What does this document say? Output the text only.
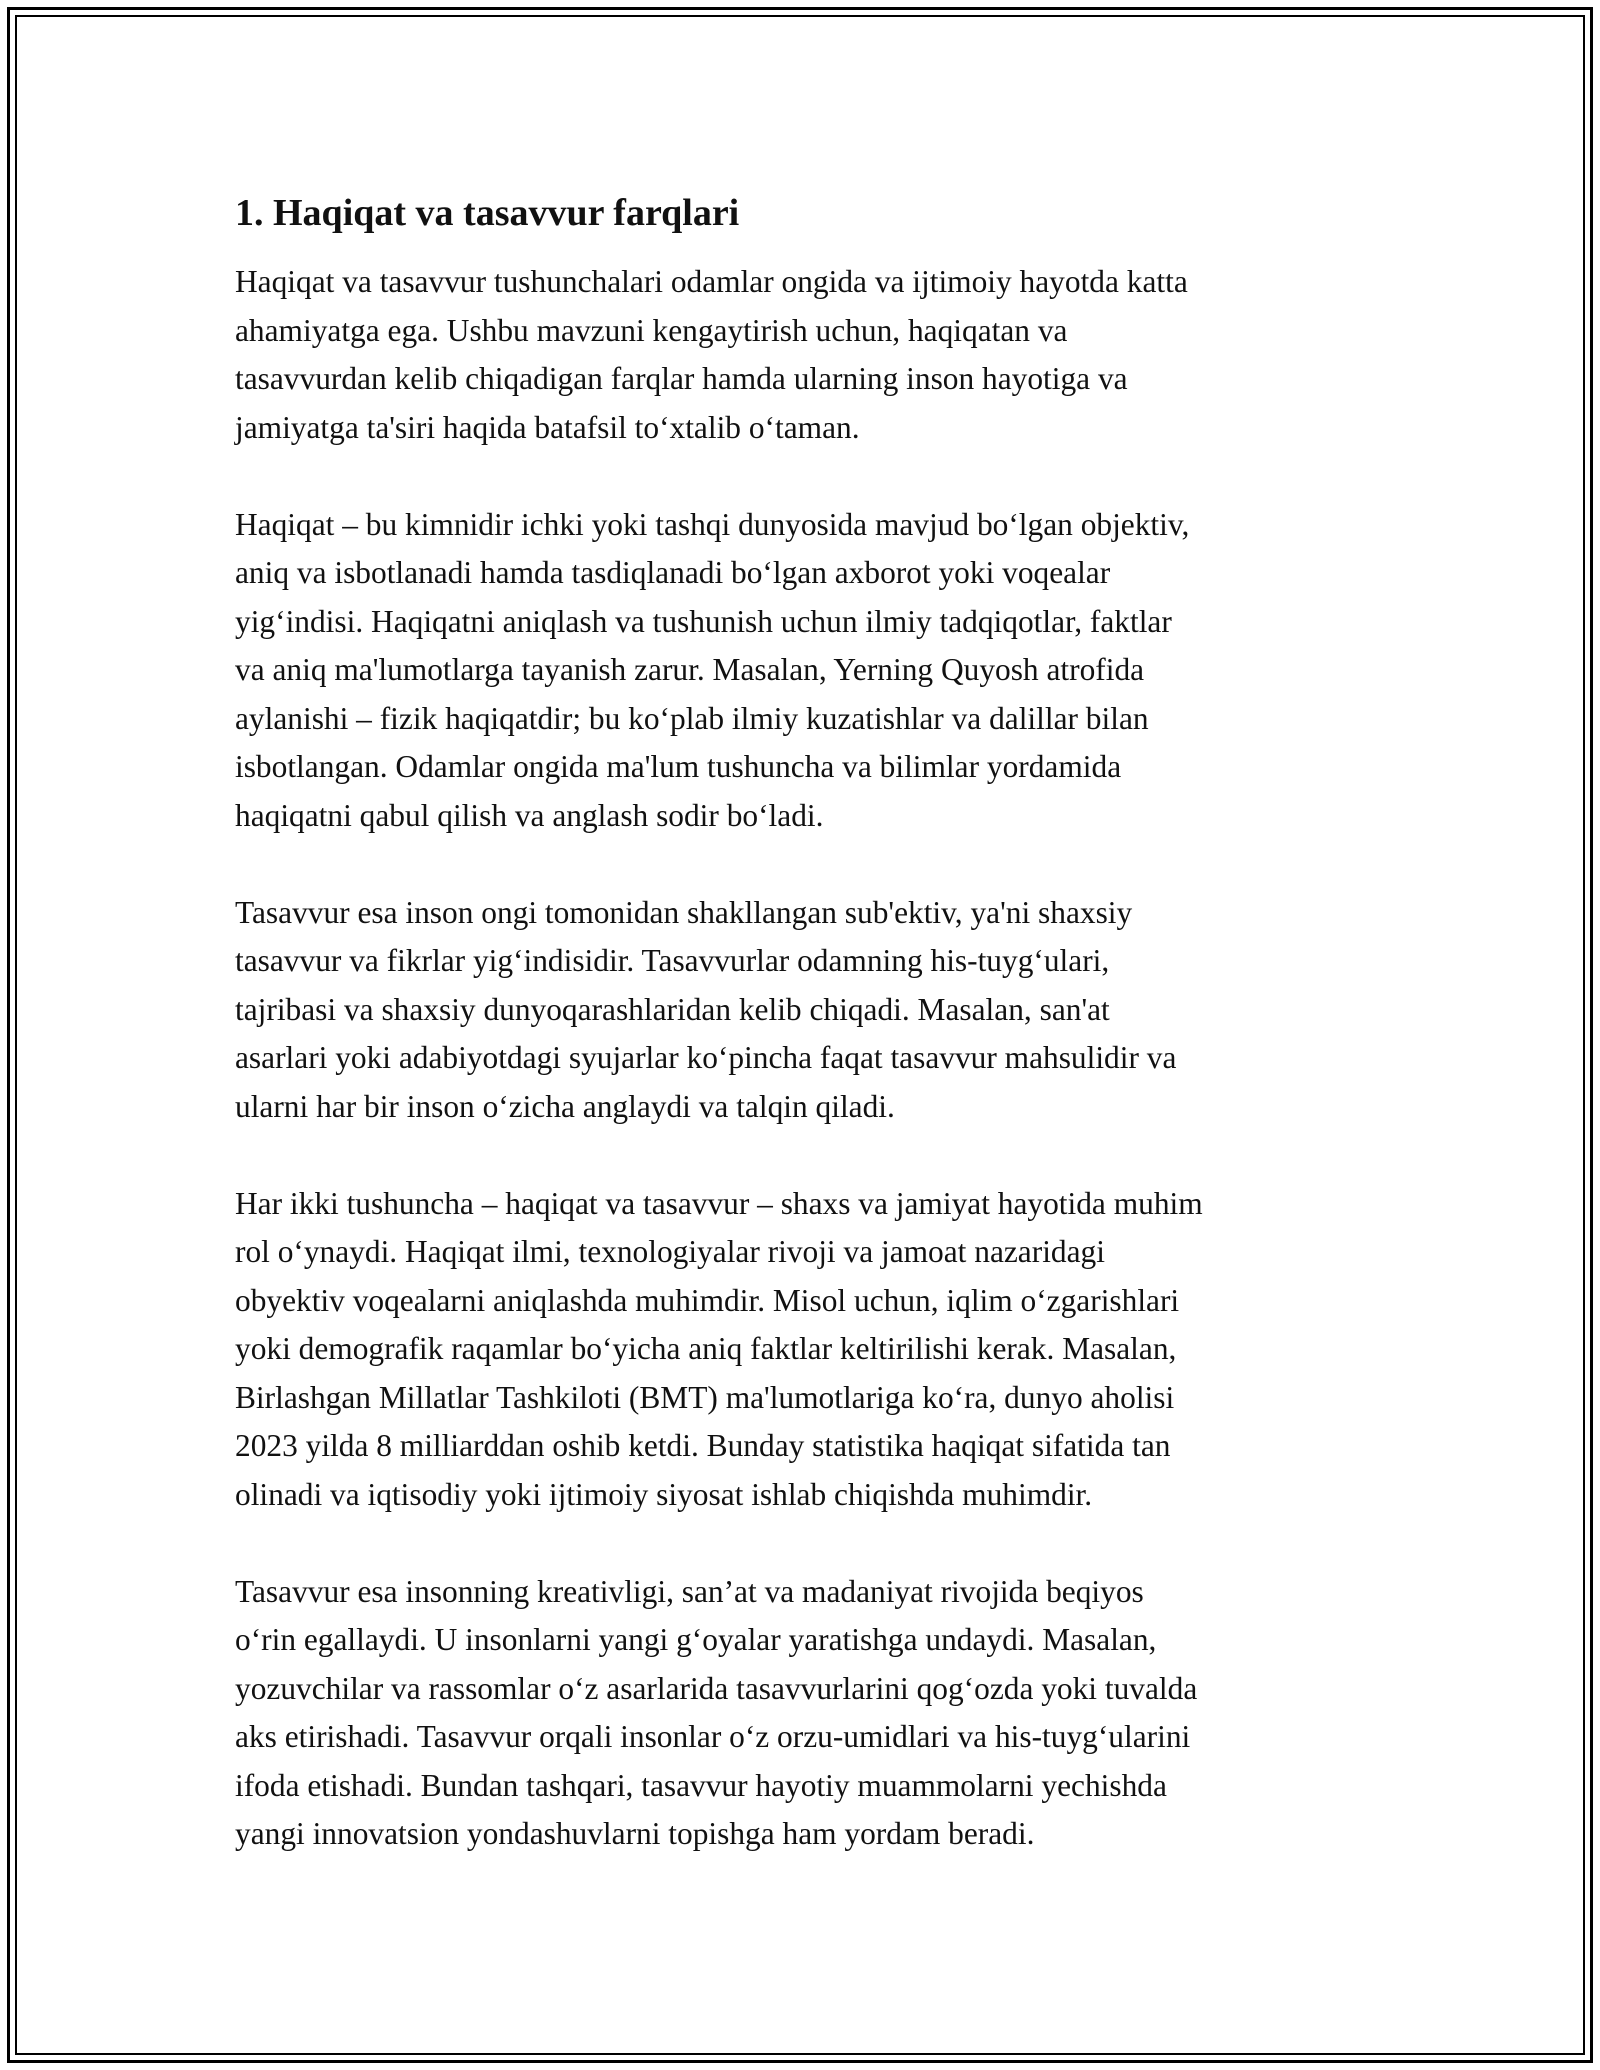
1. Haqiqat va tasavvur farqlari

Haqiqat va tasavvur tushunchalari odamlar ongida va ijtimoiy hayotda katta
ahamiyatga ega. Ushbu mavzuni kengaytirish uchun, haqiqatan va
tasavvurdan kelib chiqadigan farqlar hamda ularning inson hayotiga va
jamiyatga ta'siri haqida batafsil to‘xtalib o‘taman.

Haqiqat – bu kimnidir ichki yoki tashqi dunyosida mavjud bo‘lgan objektiv,
aniq va isbotlanadi hamda tasdiqlanadi bo‘lgan axborot yoki voqealar
yig‘indisi. Haqiqatni aniqlash va tushunish uchun ilmiy tadqiqotlar, faktlar
va aniq ma'lumotlarga tayanish zarur. Masalan, Yerning Quyosh atrofida
aylanishi – fizik haqiqatdir; bu ko‘plab ilmiy kuzatishlar va dalillar bilan
isbotlangan. Odamlar ongida ma'lum tushuncha va bilimlar yordamida
haqiqatni qabul qilish va anglash sodir bo‘ladi.

Tasavvur esa inson ongi tomonidan shakllangan sub'ektiv, ya'ni shaxsiy
tasavvur va fikrlar yig‘indisidir. Tasavvurlar odamning his-tuyg‘ulari,
tajribasi va shaxsiy dunyoqarashlaridan kelib chiqadi. Masalan, san'at
asarlari yoki adabiyotdagi syujarlar ko‘pincha faqat tasavvur mahsulidir va
ularni har bir inson o‘zicha anglaydi va talqin qiladi.

Har ikki tushuncha – haqiqat va tasavvur – shaxs va jamiyat hayotida muhim
rol o‘ynaydi. Haqiqat ilmi, texnologiyalar rivoji va jamoat nazaridagi
obyektiv voqealarni aniqlashda muhimdir. Misol uchun, iqlim o‘zgarishlari
yoki demografik raqamlar bo‘yicha aniq faktlar keltirilishi kerak. Masalan,
Birlashgan Millatlar Tashkiloti (BMT) ma'lumotlariga ko‘ra, dunyo aholisi
2023 yilda 8 milliarddan oshib ketdi. Bunday statistika haqiqat sifatida tan
olinadi va iqtisodiy yoki ijtimoiy siyosat ishlab chiqishda muhimdir.

Tasavvur esa insonning kreativligi, san’at va madaniyat rivojida beqiyos
o‘rin egallaydi. U insonlarni yangi g‘oyalar yaratishga undaydi. Masalan,
yozuvchilar va rassomlar o‘z asarlarida tasavvurlarini qog‘ozda yoki tuvalda
aks etirishadi. Tasavvur orqali insonlar o‘z orzu-umidlari va his-tuyg‘ularini
ifoda etishadi. Bundan tashqari, tasavvur hayotiy muammolarni yechishda
yangi innovatsion yondashuvlarni topishga ham yordam beradi.
